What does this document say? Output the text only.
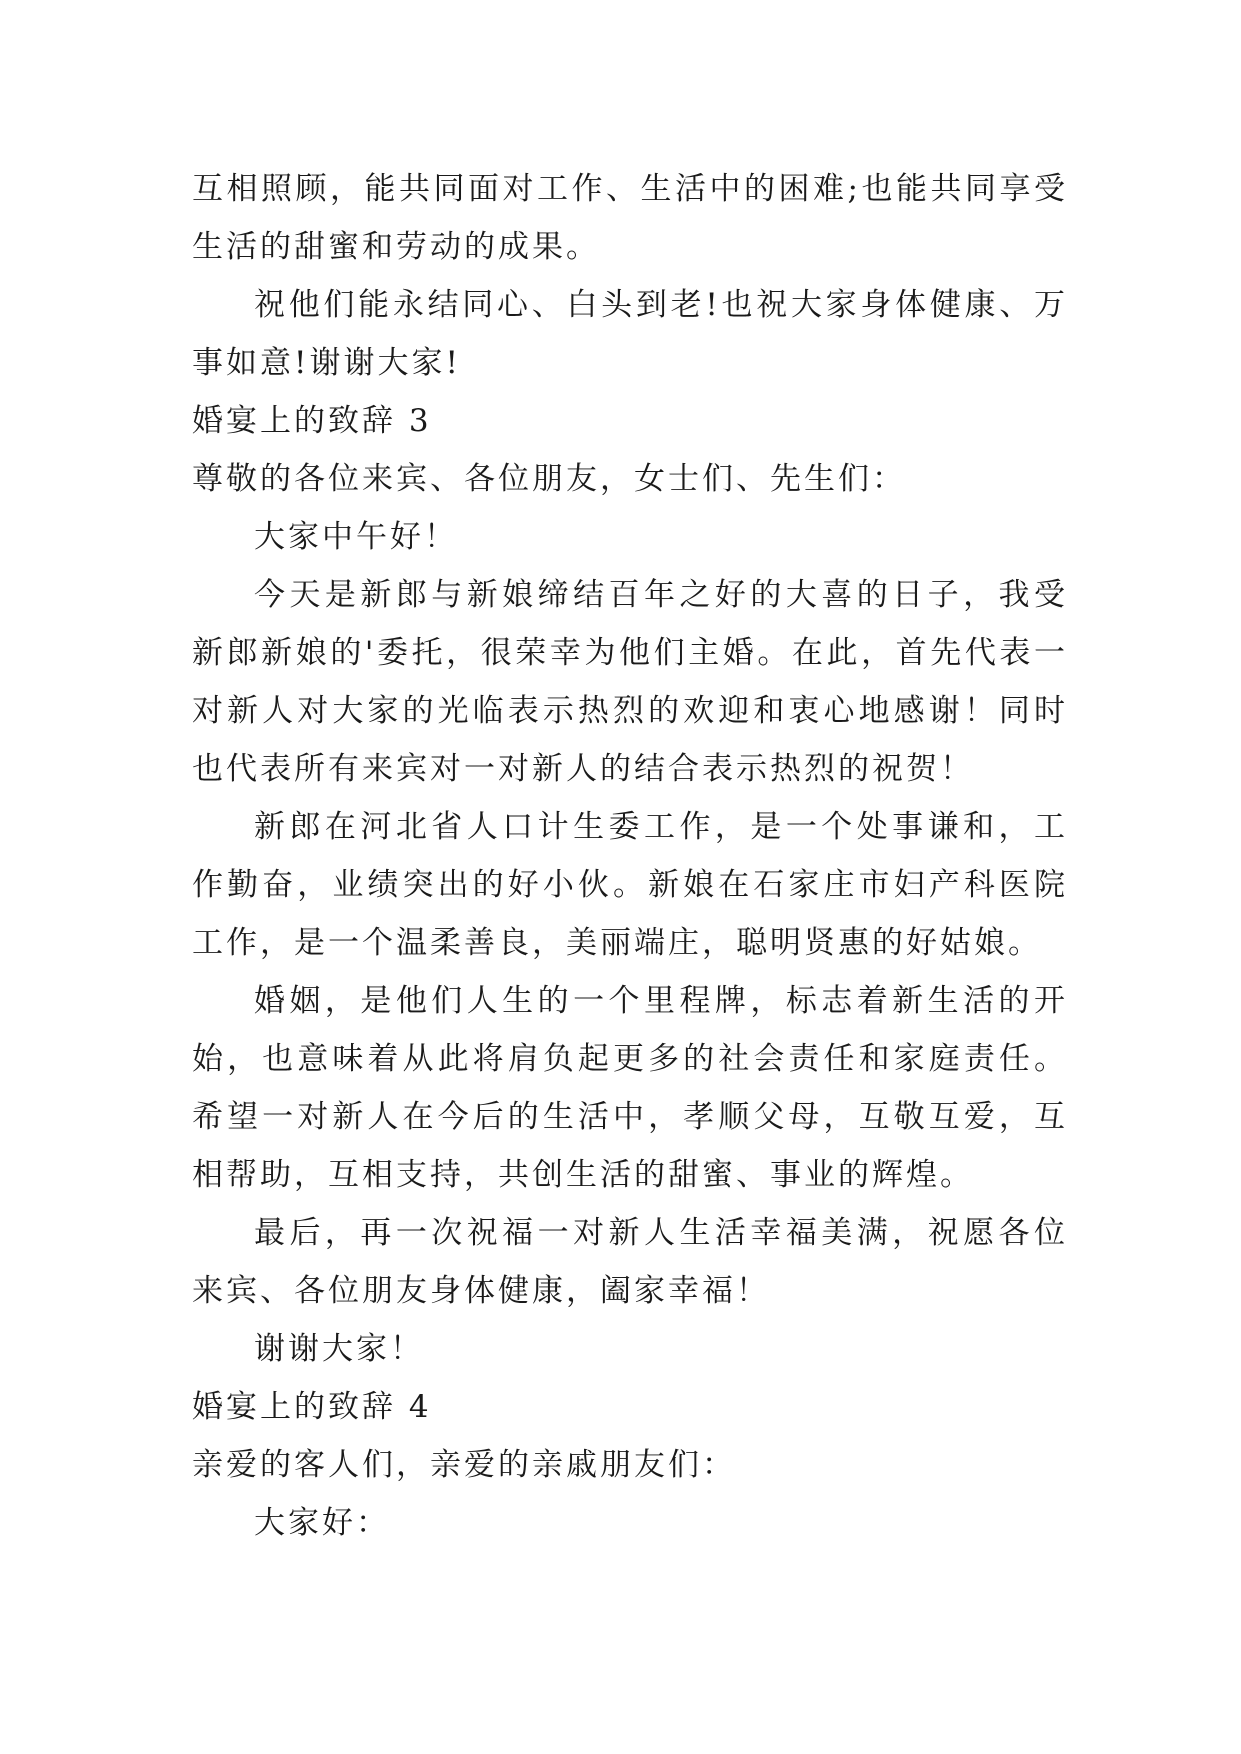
互相照顾，能共同面对工作、生活中的困难;也能共同享受生活的甜蜜和劳动的成果。

祝他们能永结同心、白头到老!也祝大家身体健康、万事如意!谢谢大家!

婚宴上的致辞 3

尊敬的各位来宾、各位朋友，女士们、先生们：

大家中午好！

今天是新郎与新娘缔结百年之好的大喜的日子，我受新郎新娘的'委托，很荣幸为他们主婚。在此，首先代表一对新人对大家的光临表示热烈的欢迎和衷心地感谢！同时也代表所有来宾对一对新人的结合表示热烈的祝贺！

新郎在河北省人口计生委工作，是一个处事谦和，工作勤奋，业绩突出的好小伙。新娘在石家庄市妇产科医院工作，是一个温柔善良，美丽端庄，聪明贤惠的好姑娘。

婚姻，是他们人生的一个里程牌，标志着新生活的开始，也意味着从此将肩负起更多的社会责任和家庭责任。希望一对新人在今后的生活中，孝顺父母，互敬互爱，互相帮助，互相支持，共创生活的甜蜜、事业的辉煌。

最后，再一次祝福一对新人生活幸福美满，祝愿各位来宾、各位朋友身体健康，阖家幸福！

谢谢大家！

婚宴上的致辞 4

亲爱的客人们，亲爱的亲戚朋友们：

大家好：
